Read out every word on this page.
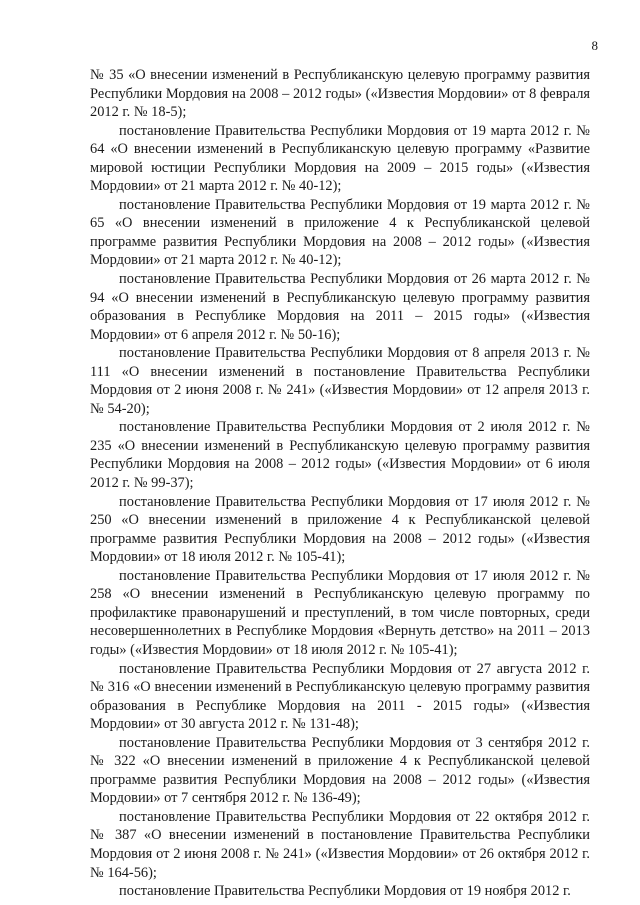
8

№ 35 «О внесении изменений в Республиканскую целевую программу развития Республики Мордовия на 2008 – 2012 годы» («Известия Мордовии» от 8 февраля 2012 г. № 18-5);

постановление Правительства Республики Мордовия от 19 марта 2012 г. № 64 «О внесении изменений в Республиканскую целевую программу «Развитие мировой юстиции Республики Мордовия на 2009 – 2015 годы» («Известия Мордовии» от 21 марта 2012 г. № 40-12);

постановление Правительства Республики Мордовия от 19 марта 2012 г. № 65 «О внесении изменений в приложение 4 к Республиканской целевой программе развития Республики Мордовия на 2008 – 2012 годы» («Известия Мордовии» от 21 марта 2012 г. № 40-12);

постановление Правительства Республики Мордовия от 26 марта 2012 г. № 94 «О внесении изменений в Республиканскую целевую программу развития образования в Республике Мордовия на 2011 – 2015 годы» («Известия Мордовии» от 6 апреля 2012 г. № 50-16);

постановление Правительства Республики Мордовия от 8 апреля 2013 г. № 111 «О внесении изменений в постановление Правительства Республики Мордовия от 2 июня 2008 г. № 241» («Известия Мордовии» от 12 апреля 2013 г. № 54-20);

постановление Правительства Республики Мордовия от 2 июля 2012 г. № 235 «О внесении изменений в Республиканскую целевую программу развития Республики Мордовия на 2008 – 2012 годы» («Известия Мордовии» от 6 июля 2012 г. № 99-37);

постановление Правительства Республики Мордовия от 17 июля 2012 г. № 250 «О внесении изменений в приложение 4 к Республиканской целевой программе развития Республики Мордовия на 2008 – 2012 годы» («Известия Мордовии» от 18 июля 2012 г. № 105-41);

постановление Правительства Республики Мордовия от 17 июля 2012 г. № 258 «О внесении изменений в Республиканскую целевую программу по профилактике правонарушений и преступлений, в том числе повторных, среди несовершеннолетних в Республике Мордовия «Вернуть детство» на 2011 – 2013 годы» («Известия Мордовии» от 18 июля 2012 г. № 105-41);

постановление Правительства Республики Мордовия от 27 августа 2012 г. № 316 «О внесении изменений в Республиканскую целевую программу развития образования в Республике Мордовия на 2011 - 2015 годы» («Известия Мордовии» от 30 августа 2012 г. № 131-48);

постановление Правительства Республики Мордовия от 3 сентября 2012 г. № 322 «О внесении изменений в приложение 4 к Республиканской целевой программе развития Республики Мордовия на 2008 – 2012 годы» («Известия Мордовии» от 7 сентября 2012 г. № 136-49);

постановление Правительства Республики Мордовия от 22 октября 2012 г. № 387 «О внесении изменений в постановление Правительства Республики Мордовия от 2 июня 2008 г. № 241» («Известия Мордовии» от 26 октября 2012 г. № 164-56);

постановление Правительства Республики Мордовия от 19 ноября 2012 г.
